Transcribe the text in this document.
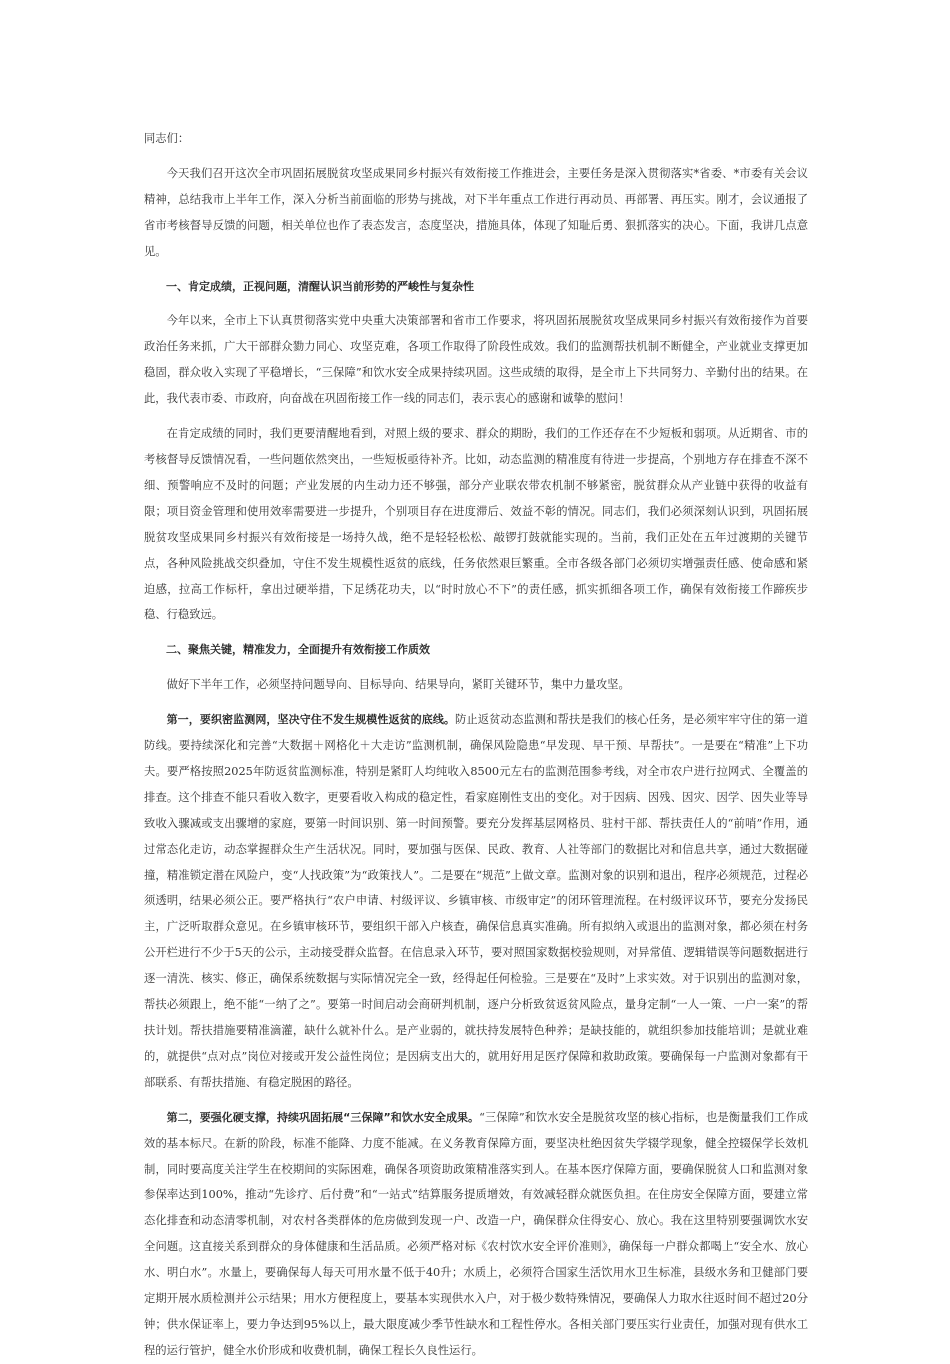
同志们：

今天我们召开这次全市巩固拓展脱贫攻坚成果同乡村振兴有效衔接工作推进会，主要任务是深入贯彻落实*省委、*市委有关会议精神，总结我市上半年工作，深入分析当前面临的形势与挑战，对下半年重点工作进行再动员、再部署、再压实。刚才，会议通报了省市考核督导反馈的问题，相关单位也作了表态发言，态度坚决，措施具体，体现了知耻后勇、狠抓落实的决心。下面，我讲几点意见。

一、肯定成绩，正视问题，清醒认识当前形势的严峻性与复杂性

今年以来，全市上下认真贯彻落实党中央重大决策部署和省市工作要求，将巩固拓展脱贫攻坚成果同乡村振兴有效衔接作为首要政治任务来抓，广大干部群众勠力同心、攻坚克难，各项工作取得了阶段性成效。我们的监测帮扶机制不断健全，产业就业支撑更加稳固，群众收入实现了平稳增长，“三保障”和饮水安全成果持续巩固。这些成绩的取得，是全市上下共同努力、辛勤付出的结果。在此，我代表市委、市政府，向奋战在巩固衔接工作一线的同志们，表示衷心的感谢和诚挚的慰问！

在肯定成绩的同时，我们更要清醒地看到，对照上级的要求、群众的期盼，我们的工作还存在不少短板和弱项。从近期省、市的考核督导反馈情况看，一些问题依然突出，一些短板亟待补齐。比如，动态监测的精准度有待进一步提高，个别地方存在排查不深不细、预警响应不及时的问题；产业发展的内生动力还不够强，部分产业联农带农机制不够紧密，脱贫群众从产业链中获得的收益有限；项目资金管理和使用效率需要进一步提升，个别项目存在进度滞后、效益不彰的情况。同志们，我们必须深刻认识到，巩固拓展脱贫攻坚成果同乡村振兴有效衔接是一场持久战，绝不是轻轻松松、敲锣打鼓就能实现的。当前，我们正处在五年过渡期的关键节点，各种风险挑战交织叠加，守住不发生规模性返贫的底线，任务依然艰巨繁重。全市各级各部门必须切实增强责任感、使命感和紧迫感，拉高工作标杆，拿出过硬举措，下足绣花功夫，以“时时放心不下”的责任感，抓实抓细各项工作，确保有效衔接工作蹄疾步稳、行稳致远。

二、聚焦关键，精准发力，全面提升有效衔接工作质效

做好下半年工作，必须坚持问题导向、目标导向、结果导向，紧盯关键环节，集中力量攻坚。

第一，要织密监测网，坚决守住不发生规模性返贫的底线。防止返贫动态监测和帮扶是我们的核心任务，是必须牢牢守住的第一道防线。要持续深化和完善“大数据＋网格化＋大走访”监测机制，确保风险隐患“早发现、早干预、早帮扶”。一是要在“精准”上下功夫。要严格按照2025年防返贫监测标准，特别是紧盯人均纯收入8500元左右的监测范围参考线，对全市农户进行拉网式、全覆盖的排查。这个排查不能只看收入数字，更要看收入构成的稳定性，看家庭刚性支出的变化。对于因病、因残、因灾、因学、因失业等导致收入骤减或支出骤增的家庭，要第一时间识别、第一时间预警。要充分发挥基层网格员、驻村干部、帮扶责任人的“前哨”作用，通过常态化走访，动态掌握群众生产生活状况。同时，要加强与医保、民政、教育、人社等部门的数据比对和信息共享，通过大数据碰撞，精准锁定潜在风险户，变“人找政策”为“政策找人”。二是要在“规范”上做文章。监测对象的识别和退出，程序必须规范，过程必须透明，结果必须公正。要严格执行“农户申请、村级评议、乡镇审核、市级审定”的闭环管理流程。在村级评议环节，要充分发扬民主，广泛听取群众意见。在乡镇审核环节，要组织干部入户核查，确保信息真实准确。所有拟纳入或退出的监测对象，都必须在村务公开栏进行不少于5天的公示，主动接受群众监督。在信息录入环节，要对照国家数据校验规则，对异常值、逻辑错误等问题数据进行逐一清洗、核实、修正，确保系统数据与实际情况完全一致，经得起任何检验。三是要在“及时”上求实效。对于识别出的监测对象，帮扶必须跟上，绝不能“一纳了之”。要第一时间启动会商研判机制，逐户分析致贫返贫风险点，量身定制“一人一策、一户一案”的帮扶计划。帮扶措施要精准滴灌，缺什么就补什么。是产业弱的，就扶持发展特色种养；是缺技能的，就组织参加技能培训；是就业难的，就提供“点对点”岗位对接或开发公益性岗位；是因病支出大的，就用好用足医疗保障和救助政策。要确保每一户监测对象都有干部联系、有帮扶措施、有稳定脱困的路径。

第二，要强化硬支撑，持续巩固拓展“三保障”和饮水安全成果。“三保障”和饮水安全是脱贫攻坚的核心指标，也是衡量我们工作成效的基本标尺。在新的阶段，标准不能降、力度不能减。在义务教育保障方面，要坚决杜绝因贫失学辍学现象，健全控辍保学长效机制，同时要高度关注学生在校期间的实际困难，确保各项资助政策精准落实到人。在基本医疗保障方面，要确保脱贫人口和监测对象参保率达到100%，推动“先诊疗、后付费”和“一站式”结算服务提质增效，有效减轻群众就医负担。在住房安全保障方面，要建立常态化排查和动态清零机制，对农村各类群体的危房做到发现一户、改造一户，确保群众住得安心、放心。我在这里特别要强调饮水安全问题。这直接关系到群众的身体健康和生活品质。必须严格对标《农村饮水安全评价准则》，确保每一户群众都喝上“安全水、放心水、明白水”。水量上，要确保每人每天可用水量不低于40升；水质上，必须符合国家生活饮用水卫生标准，县级水务和卫健部门要定期开展水质检测并公示结果；用水方便程度上，要基本实现供水入户，对于极少数特殊情况，要确保人力取水往返时间不超过20分钟；供水保证率上，要力争达到95%以上，最大限度减少季节性缺水和工程性停水。各相关部门要压实行业责任，加强对现有供水工程的运行管护，健全水价形成和收费机制，确保工程长久良性运行。
